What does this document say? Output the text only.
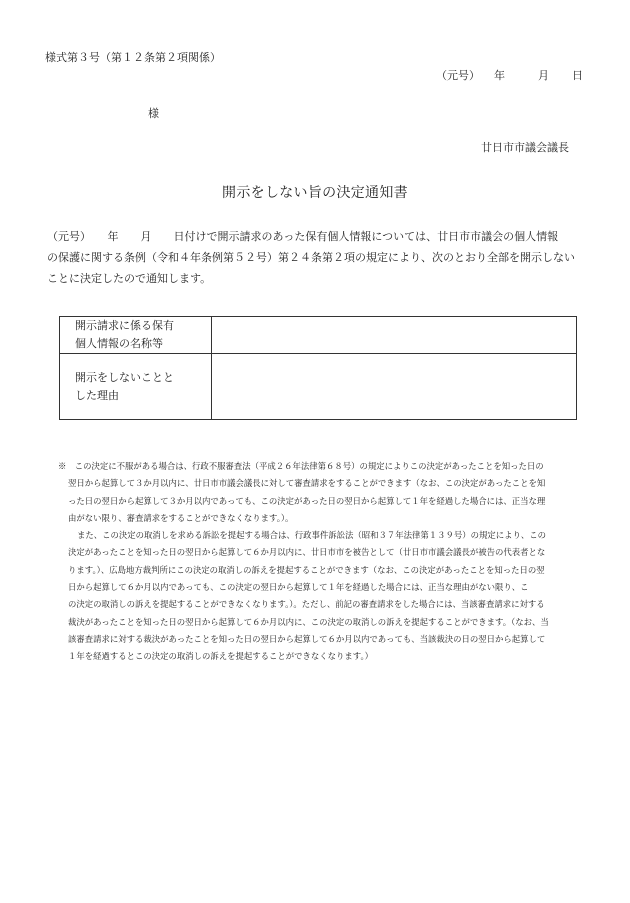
様式第３号（第１２条第２項関係）
（元号） 年	月 日
様
廿日市市議会議長
開示をしない旨の決定通知書
（元号）　　年　　月　　日付けで開示請求のあった保有個人情報については、廿日市市議会の個人情報
の保護に関する条例（令和４年条例第５２号）第２４条第２項の規定により、次のとおり全部を開示しない
ことに決定したので通知します。
開示請求に係る保有
個人情報の名称等	

開示をしないことと
した理由	

※　この決定に不服がある場合は、行政不服審査法（平成２６年法律第６８号）の規定によりこの決定があったことを知った日の
翌日から起算して３か月以内に、廿日市市議会議長に対して審査請求をすることができます（なお、この決定があったことを知
った日の翌日から起算して３か月以内であっても、この決定があった日の翌日から起算して１年を経過した場合には、正当な理
由がない限り、審査請求をすることができなくなります。）。
また、この決定の取消しを求める訴訟を提起する場合は、行政事件訴訟法（昭和３７年法律第１３９号）の規定により、この
決定があったことを知った日の翌日から起算して６か月以内に、廿日市市を被告として（廿日市市議会議長が被告の代表者とな
ります。）、広島地方裁判所にこの決定の取消しの訴えを提起することができます（なお、この決定があったことを知った日の翌
日から起算して６か月以内であっても、この決定の翌日から起算して１年を経過した場合には、正当な理由がない限り、こ
の決定の取消しの訴えを提起することができなくなります。）。ただし、前記の審査請求をした場合には、当該審査請求に対する
裁決があったことを知った日の翌日から起算して６か月以内に、この決定の取消しの訴えを提起することができます。（なお、当
該審査請求に対する裁決があったことを知った日の翌日から起算して６か月以内であっても、当該裁決の日の翌日から起算して
１年を経過するとこの決定の取消しの訴えを提起することができなくなります。）
